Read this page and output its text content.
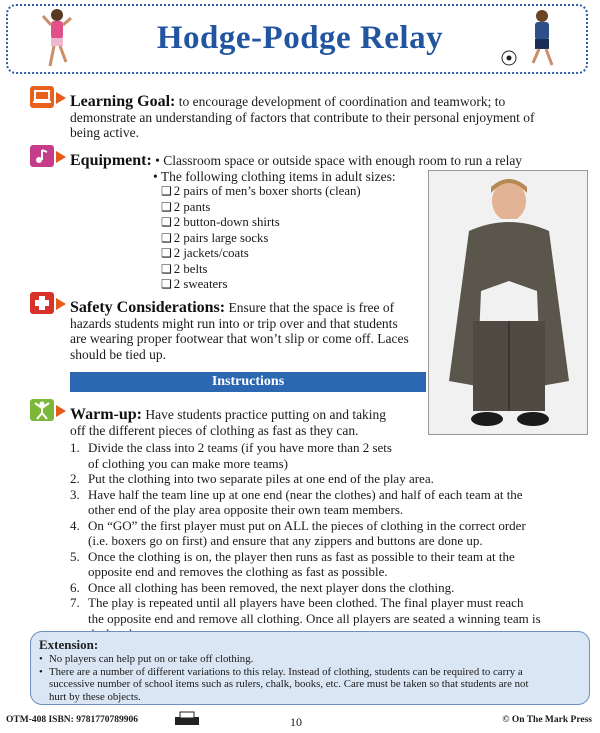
Hodge-Podge Relay
Learning Goal: to encourage development of coordination and teamwork; to
demonstrate an understanding of factors that contribute to their personal enjoyment of
being active.
Equipment: • Classroom space or outside space with enough room to run a relay
• The following clothing items in adult sizes:
❑ 2 pairs of men’s boxer shorts (clean)
❑ 2 pants
❑ 2 button-down shirts
❑ 2 pairs large socks
❑ 2 jackets/coats
❑ 2 belts
❑ 2 sweaters
Safety Considerations: Ensure that the space is free of
hazards students might run into or trip over and that students
are wearing proper footwear that won’t slip or come off. Laces
should be tied up.
Instructions
Warm-up: Have students practice putting on and taking
off the different pieces of clothing as fast as they can.
1. Divide the class into 2 teams (if you have more than 2 sets
of clothing you can make more teams)
2. Put the clothing into two separate piles at one end of the play area.
3. Have half the team line up at one end (near the clothes) and half of each team at the
other end of the play area opposite their own team members.
4. On “GO” the first player must put on ALL the pieces of clothing in the correct order
(i.e. boxers go on first) and ensure that any zippers and buttons are done up.
5. Once the clothing is on, the player then runs as fast as possible to their team at the
opposite end and removes the clothing as fast as possible.
6. Once all clothing has been removed, the next player dons the clothing.
7. The play is repeated until all players have been clothed. The final player must reach
the opposite end and remove all clothing. Once all players are seated a winning team is

Extension:
• No players can help put on or take off clothing.
• There are a number of different variations to this relay. Instead of clothing, students can be required to carry a
successive number of school items such as rulers, chalk, books, etc. Care must be taken so that students are not
hurt by these objects.
OTM-408 ISBN: 9781770789906	10	© On The Mark Press
